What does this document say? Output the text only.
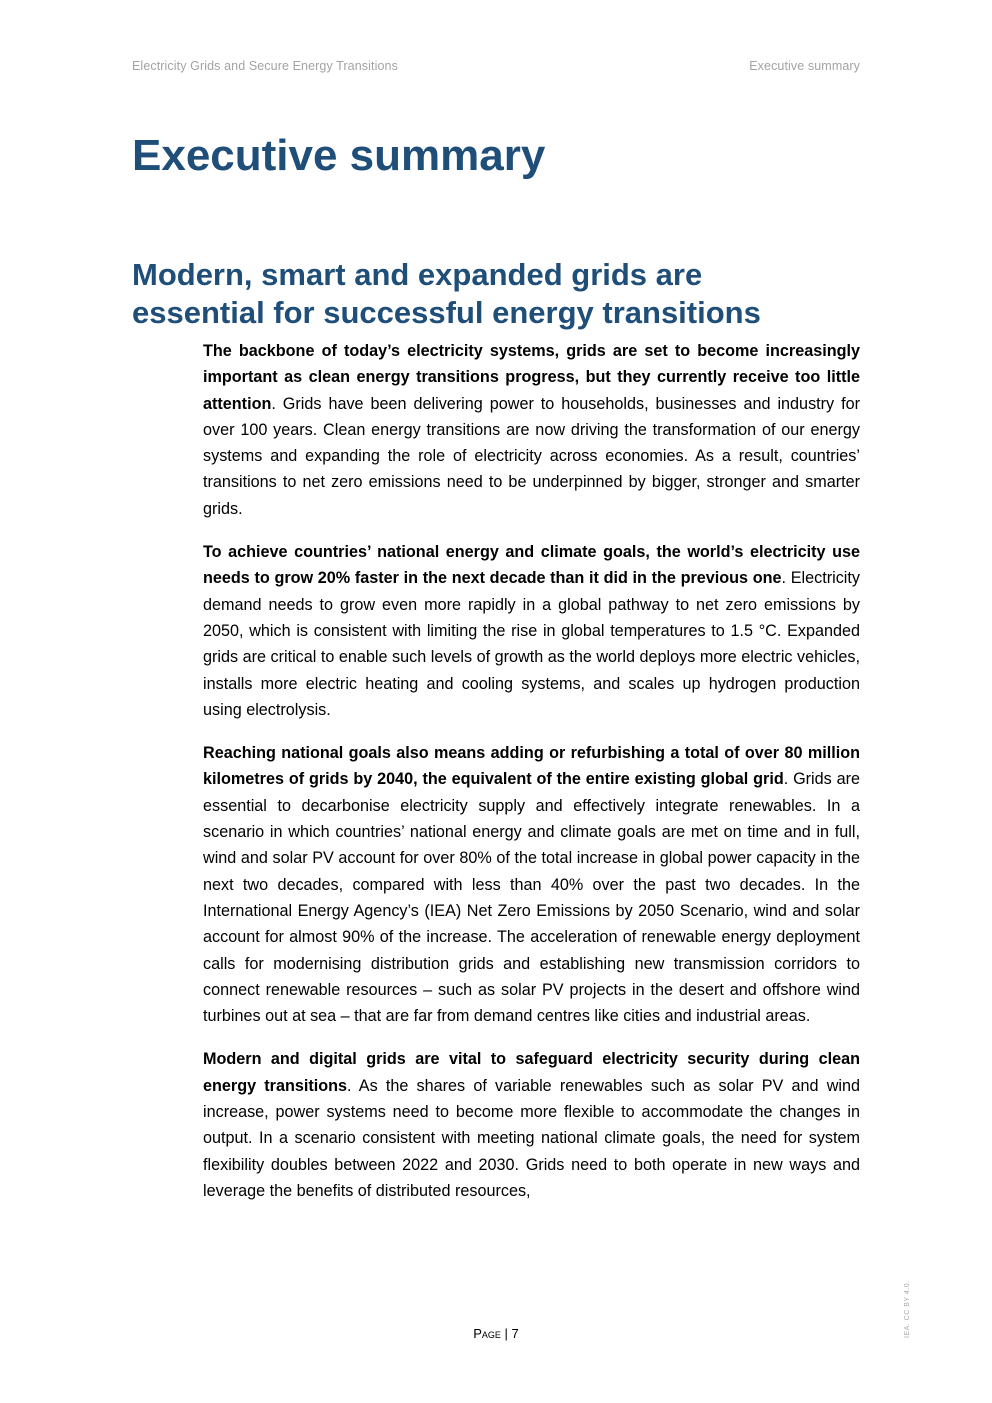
Electricity Grids and Secure Energy Transitions	Executive summary
Executive summary
Modern, smart and expanded grids are
essential for successful energy transitions

The backbone of today’s electricity systems, grids are set to become increasingly important as clean energy transitions progress, but they currently receive too little attention. Grids have been delivering power to households, businesses and industry for over 100 years. Clean energy transitions are now driving the transformation of our energy systems and expanding the role of electricity across economies. As a result, countries’ transitions to net zero emissions need to be underpinned by bigger, stronger and smarter grids.

To achieve countries’ national energy and climate goals, the world’s electricity use needs to grow 20% faster in the next decade than it did in the previous one. Electricity demand needs to grow even more rapidly in a global pathway to net zero emissions by 2050, which is consistent with limiting the rise in global temperatures to 1.5 °C. Expanded grids are critical to enable such levels of growth as the world deploys more electric vehicles, installs more electric heating and cooling systems, and scales up hydrogen production using electrolysis.

Reaching national goals also means adding or refurbishing a total of over 80 million kilometres of grids by 2040, the equivalent of the entire existing global grid. Grids are essential to decarbonise electricity supply and effectively integrate renewables. In a scenario in which countries’ national energy and climate goals are met on time and in full, wind and solar PV account for over 80% of the total increase in global power capacity in the next two decades, compared with less than 40% over the past two decades. In the International Energy Agency’s (IEA) Net Zero Emissions by 2050 Scenario, wind and solar account for almost 90% of the increase. The acceleration of renewable energy deployment calls for modernising distribution grids and establishing new transmission corridors to connect renewable resources – such as solar PV projects in the desert and offshore wind turbines out at sea – that are far from demand centres like cities and industrial areas.

Modern and digital grids are vital to safeguard electricity security during clean energy transitions. As the shares of variable renewables such as solar PV and wind increase, power systems need to become more flexible to accommodate the changes in output. In a scenario consistent with meeting national climate goals, the need for system flexibility doubles between 2022 and 2030. Grids need to both operate in new ways and leverage the benefits of distributed resources,

Page | 7	IEA. CC BY 4.0.
